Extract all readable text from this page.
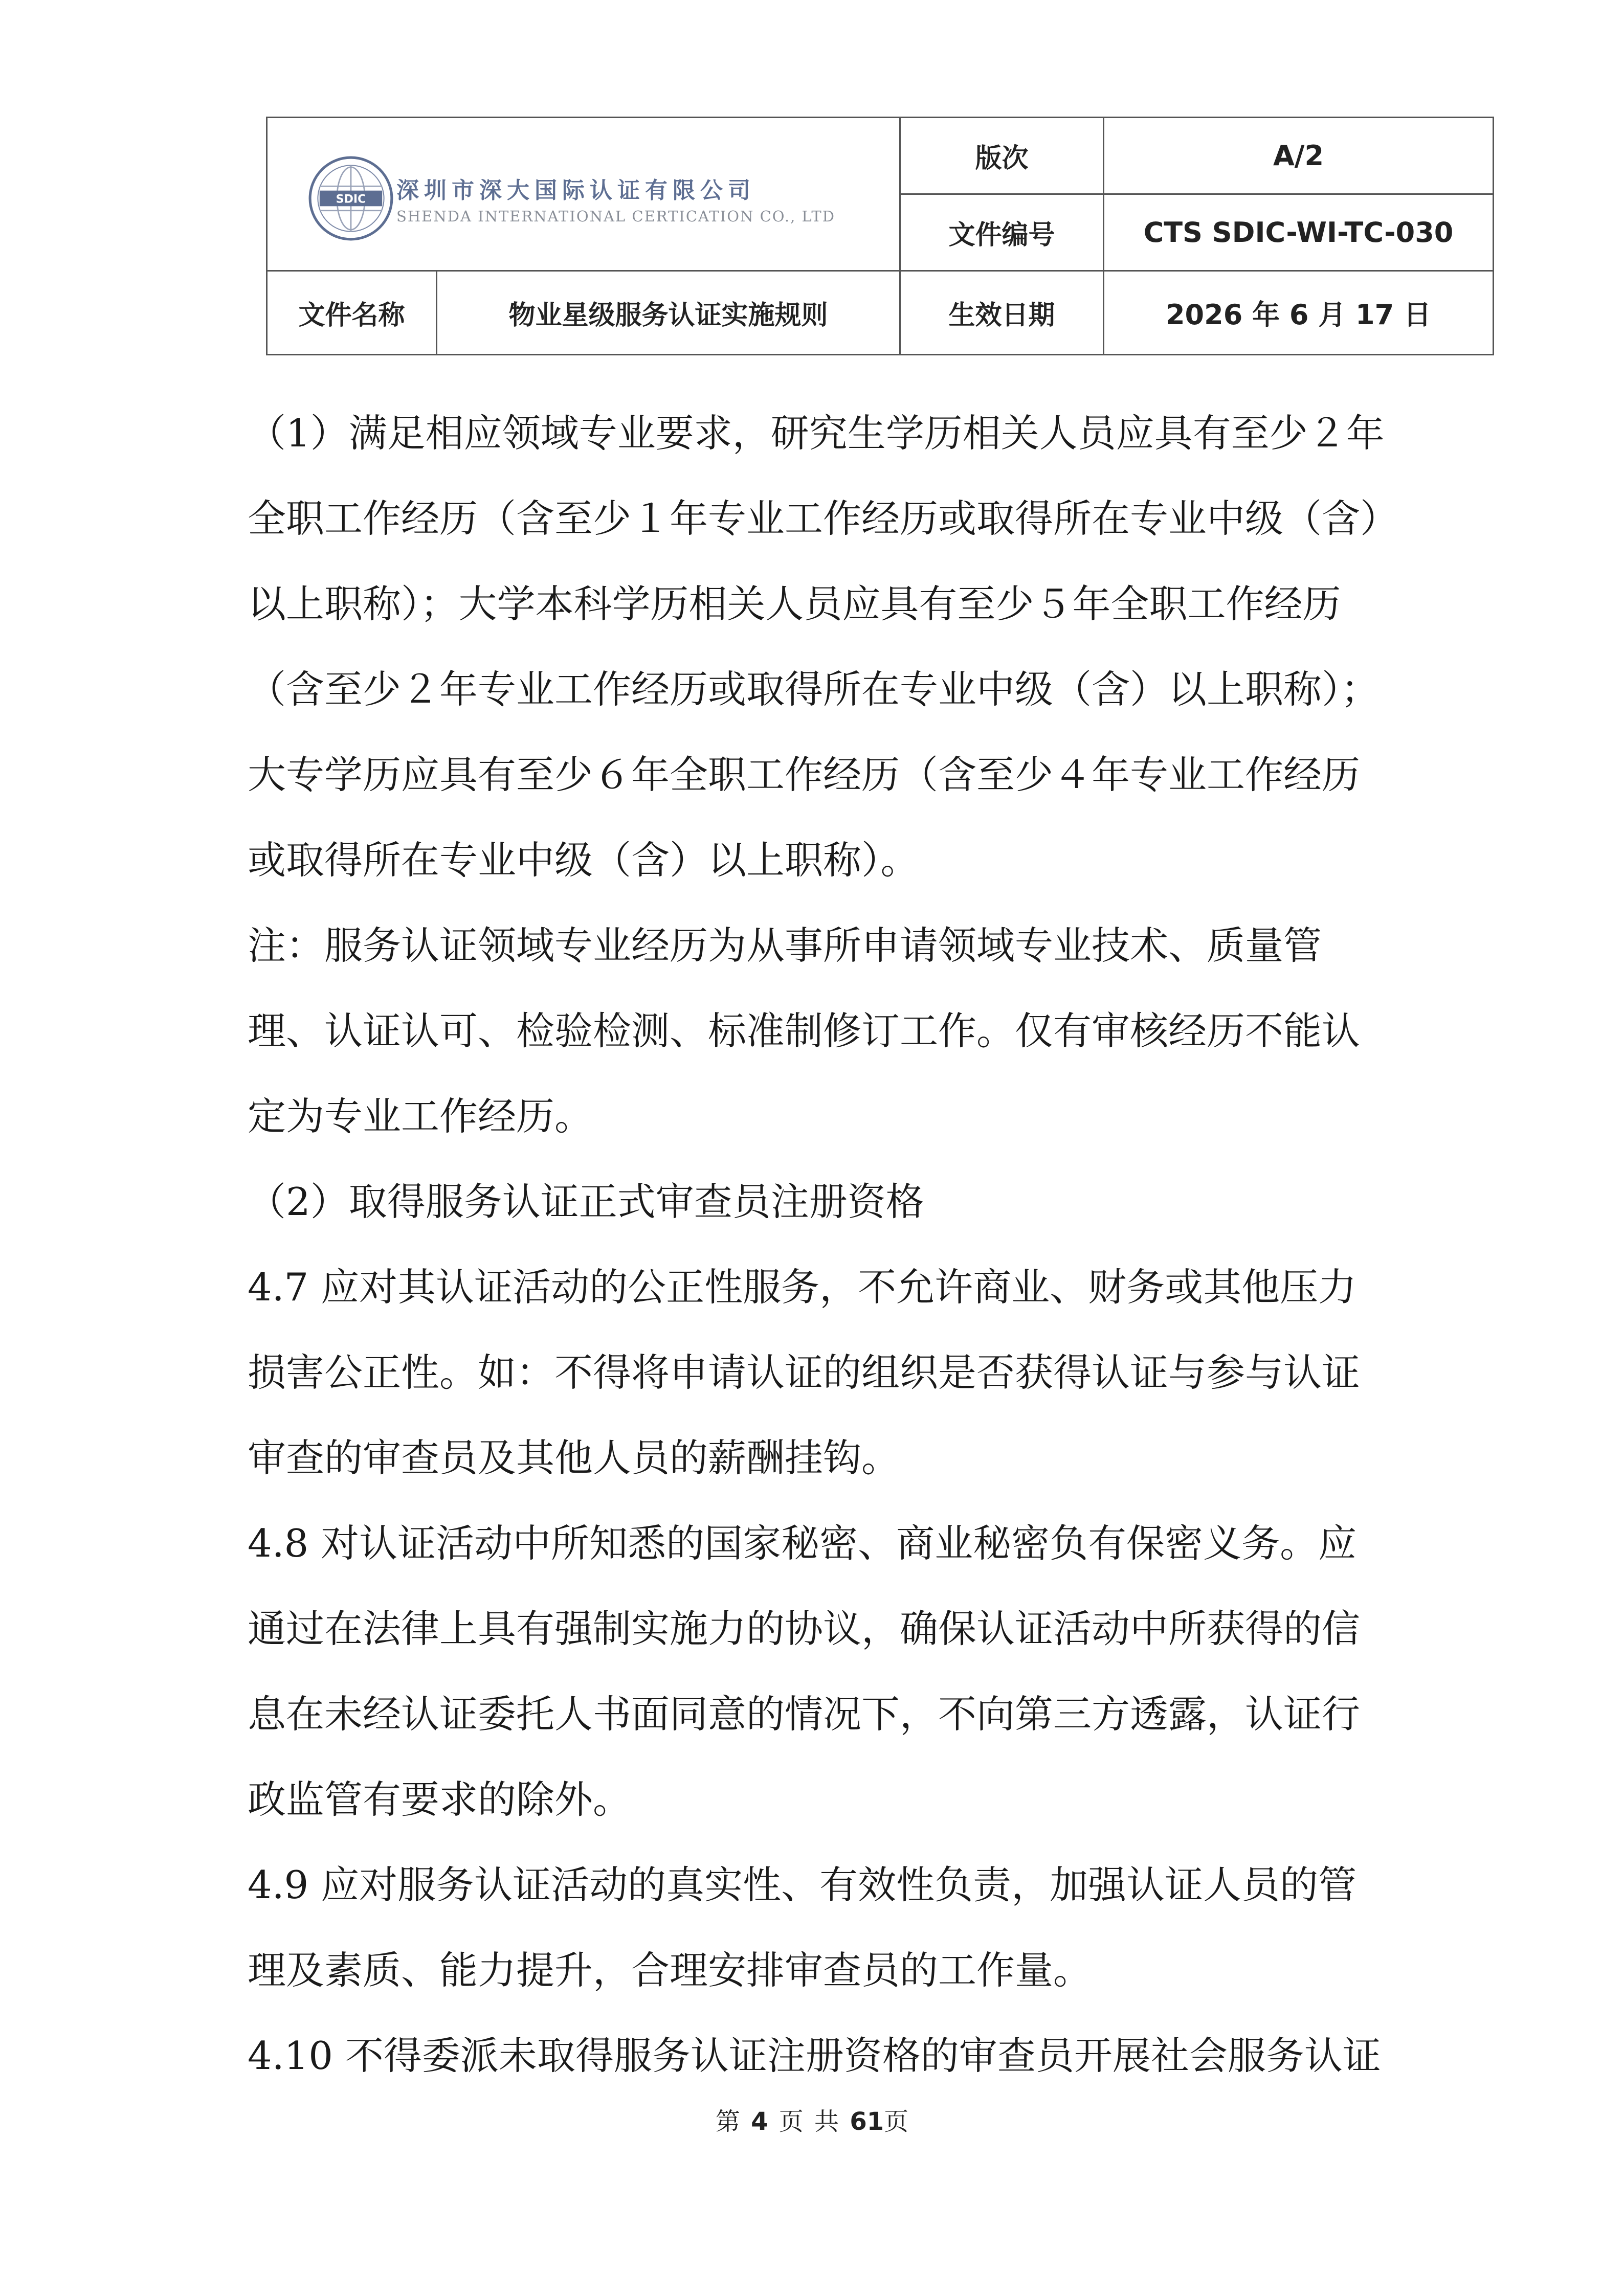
SDIC 深圳市深大国际认证有限公司
SHENDA INTERNATIONAL CERTICATION CO., LTD		版次	A/2
		文件编号	CTS SDIC-WI-TC-030
文件名称	物业星级服务认证实施规则	生效日期	2026 年 6 月 17 日

（1）满足相应领域专业要求，研究生学历相关人员应具有至少２年全职工作经历（含至少１年专业工作经历或取得所在专业中级（含）以上职称）；大学本科学历相关人员应具有至少５年全职工作经历（含至少２年专业工作经历或取得所在专业中级（含）以上职称）；大专学历应具有至少６年全职工作经历（含至少４年专业工作经历或取得所在专业中级（含）以上职称）。

注：服务认证领域专业经历为从事所申请领域专业技术、质量管理、认证认可、检验检测、标准制修订工作。仅有审核经历不能认定为专业工作经历。

（2）取得服务认证正式审查员注册资格

4.7 应对其认证活动的公正性服务，不允许商业、财务或其他压力损害公正性。如：不得将申请认证的组织是否获得认证与参与认证审查的审查员及其他人员的薪酬挂钩。

4.8 对认证活动中所知悉的国家秘密、商业秘密负有保密义务。应通过在法律上具有强制实施力的协议，确保认证活动中所获得的信息在未经认证委托人书面同意的情况下，不向第三方透露，认证行政监管有要求的除外。

4.9 应对服务认证活动的真实性、有效性负责，加强认证人员的管理及素质、能力提升，合理安排审查员的工作量。

4.10 不得委派未取得服务认证注册资格的审查员开展社会服务认证

第 4 页 共 61页
